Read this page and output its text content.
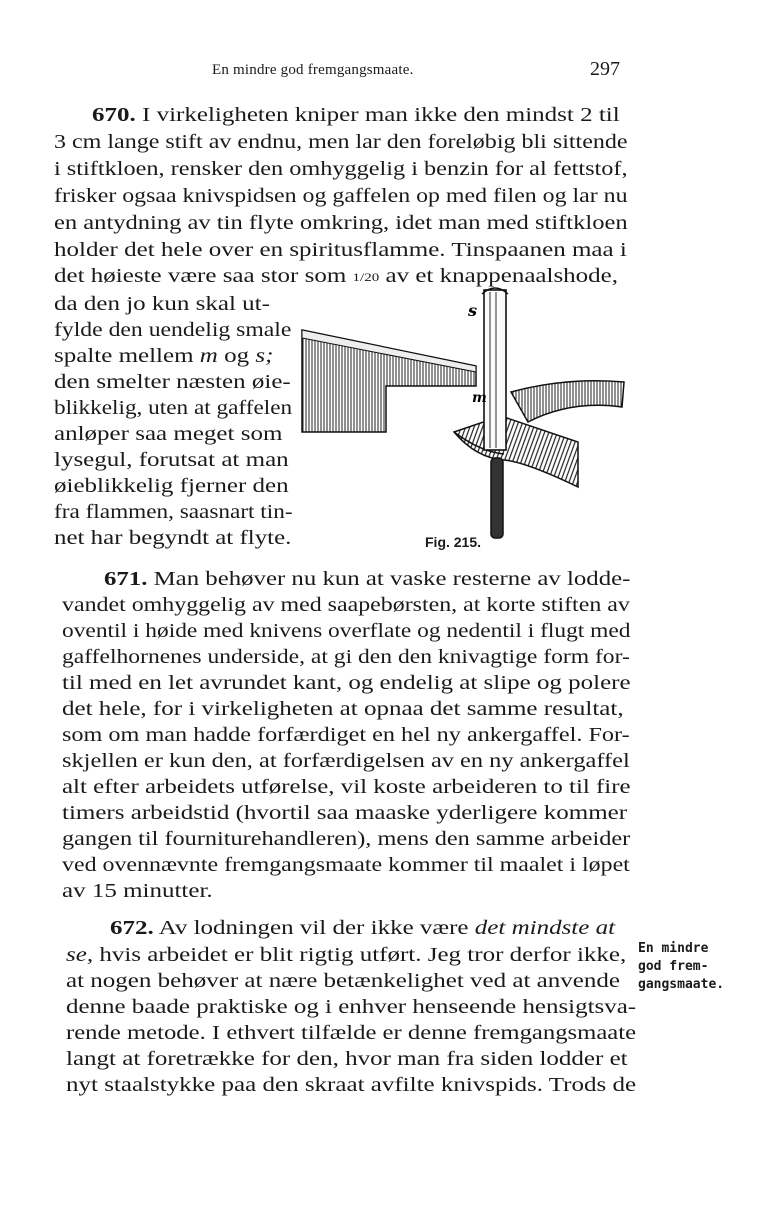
En mindre god fremgangsmaate.	297
670. I virkeligheten kniper man ikke den mindst 2 til
3 cm lange stift av endnu, men lar den foreløbig bli sittende
i stiftkloen, rensker den omhyggelig i benzin for al fettstof,
frisker ogsaa knivspidsen og gaffelen op med filen og lar nu
en antydning av tin flyte omkring, idet man med stiftkloen
holder det hele over en spiritusflamme. Tinspaanen maa i
det høieste være saa stor som 1/20 av et knappenaalshode,
da den jo kun skal ut-
fylde den uendelig smale
spalte mellem m og s;
den smelter næsten øie-
blikkelig, uten at gaffelen
anløper saa meget som
lysegul, forutsat at man
øieblikkelig fjerner den
fra flammen, saasnart tin-
net har begyndt at flyte.
s
m
Fig. 215.
671. Man behøver nu kun at vaske resterne av lodde-
vandet omhyggelig av med saapebørsten, at korte stiften av
oventil i høide med knivens overflate og nedentil i flugt med
gaffelhornenes underside, at gi den den knivagtige form for-
til med en let avrundet kant, og endelig at slipe og polere
det hele, for i virkeligheten at opnaa det samme resultat,
som om man hadde forfærdiget en hel ny ankergaffel. For-
skjellen er kun den, at forfærdigelsen av en ny ankergaffel
alt efter arbeidets utførelse, vil koste arbeideren to til fire
timers arbeidstid (hvortil saa maaske yderligere kommer
gangen til fourniturehandleren), mens den samme arbeider
ved ovennævnte fremgangsmaate kommer til maalet i løpet
av 15 minutter.
672. Av lodningen vil der ikke være det mindste at
se, hvis arbeidet er blit rigtig utført. Jeg tror derfor ikke,
at nogen behøver at nære betænkelighet ved at anvende
denne baade praktiske og i enhver henseende hensigtsva-
rende metode. I ethvert tilfælde er denne fremgangsmaate
langt at foretrække for den, hvor man fra siden lodder et
nyt staalstykke paa den skraat avfilte knivspids. Trods de
En mindre
god frem-
gangsmaate.
